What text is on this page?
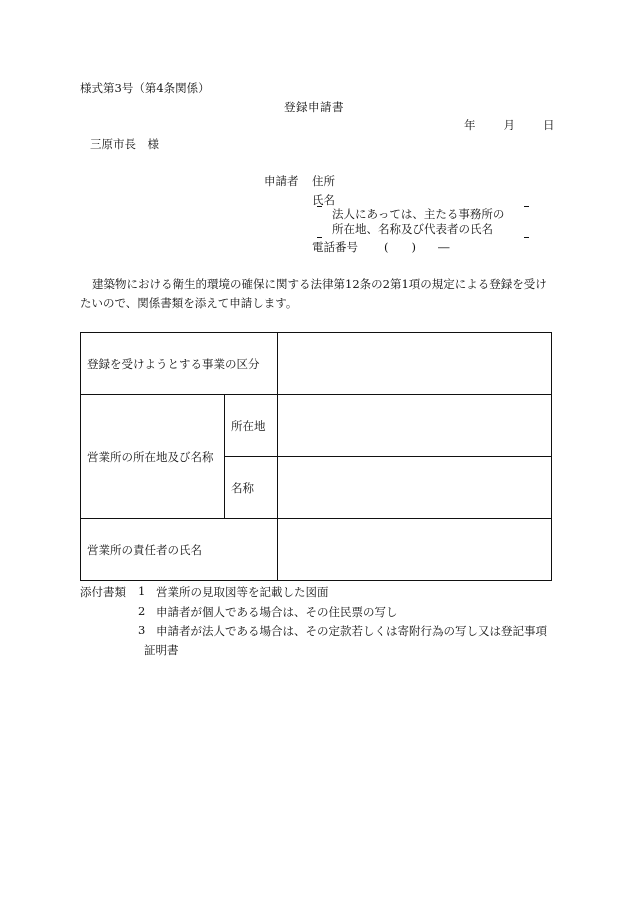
様式第3号（第4条関係）
登録申請書
年 月 日
三原市長　様
申請者 住所
氏名
法人にあっては、主たる事務所の
所在地、名称及び代表者の氏名
電話番号 (　　) ―
建築物における衛生的環境の確保に関する法律第12条の2第1項の規定による登録を受けたいので、関係書類を添えて申請します。
登録を受けようとする事業の区分		
営業所の所在地及び名称	所在地	
	名称	
営業所の責任者の氏名		
添付書類 1 営業所の見取図等を記載した図面
2 申請者が個人である場合は、その住民票の写し
3 申請者が法人である場合は、その定款若しくは寄附行為の写し又は登記事項
証明書
